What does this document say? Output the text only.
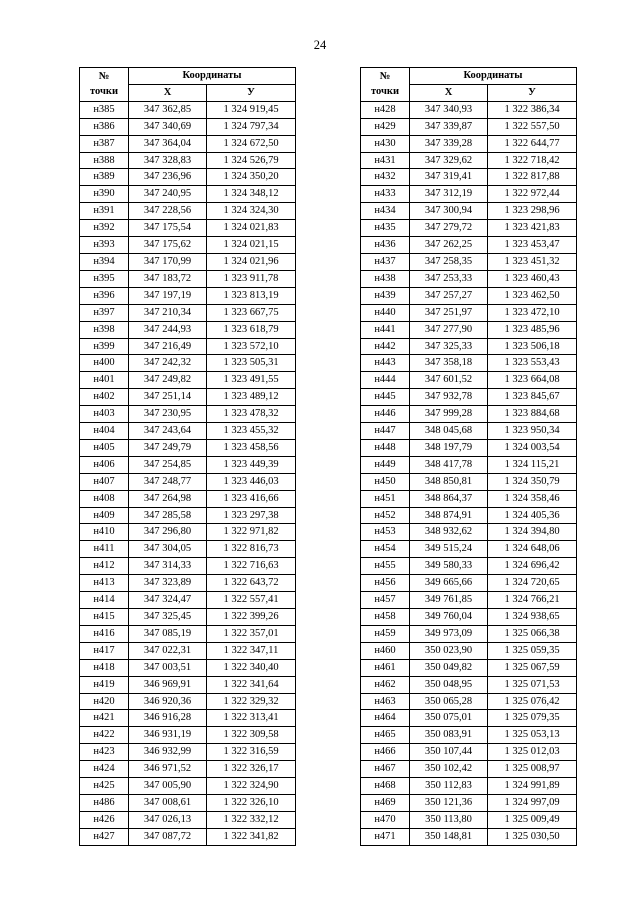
24
№
точки	Координаты	
	Х	У
н385	347 362,85	1 324 919,45
н386	347 340,69	1 324 797,34
н387	347 364,04	1 324 672,50
н388	347 328,83	1 324 526,79
н389	347 236,96	1 324 350,20
н390	347 240,95	1 324 348,12
н391	347 228,56	1 324 324,30
н392	347 175,54	1 324 021,83
н393	347 175,62	1 324 021,15
н394	347 170,99	1 324 021,96
н395	347 183,72	1 323 911,78
н396	347 197,19	1 323 813,19
н397	347 210,34	1 323 667,75
н398	347 244,93	1 323 618,79
н399	347 216,49	1 323 572,10
н400	347 242,32	1 323 505,31
н401	347 249,82	1 323 491,55
н402	347 251,14	1 323 489,12
н403	347 230,95	1 323 478,32
н404	347 243,64	1 323 455,32
н405	347 249,79	1 323 458,56
н406	347 254,85	1 323 449,39
н407	347 248,77	1 323 446,03
н408	347 264,98	1 323 416,66
н409	347 285,58	1 323 297,38
н410	347 296,80	1 322 971,82
н411	347 304,05	1 322 816,73
н412	347 314,33	1 322 716,63
н413	347 323,89	1 322 643,72
н414	347 324,47	1 322 557,41
н415	347 325,45	1 322 399,26
н416	347 085,19	1 322 357,01
н417	347 022,31	1 322 347,11
н418	347 003,51	1 322 340,40
н419	346 969,91	1 322 341,64
н420	346 920,36	1 322 329,32
н421	346 916,28	1 322 313,41
н422	346 931,19	1 322 309,58
н423	346 932,99	1 322 316,59
н424	346 971,52	1 322 326,17
н425	347 005,90	1 322 324,90
н486	347 008,61	1 322 326,10
н426	347 026,13	1 322 332,12
н427	347 087,72	1 322 341,82
№
точки	Координаты	
	Х	У
н428	347 340,93	1 322 386,34
н429	347 339,87	1 322 557,50
н430	347 339,28	1 322 644,77
н431	347 329,62	1 322 718,42
н432	347 319,41	1 322 817,88
н433	347 312,19	1 322 972,44
н434	347 300,94	1 323 298,96
н435	347 279,72	1 323 421,83
н436	347 262,25	1 323 453,47
н437	347 258,35	1 323 451,32
н438	347 253,33	1 323 460,43
н439	347 257,27	1 323 462,50
н440	347 251,97	1 323 472,10
н441	347 277,90	1 323 485,96
н442	347 325,33	1 323 506,18
н443	347 358,18	1 323 553,43
н444	347 601,52	1 323 664,08
н445	347 932,78	1 323 845,67
н446	347 999,28	1 323 884,68
н447	348 045,68	1 323 950,34
н448	348 197,79	1 324 003,54
н449	348 417,78	1 324 115,21
н450	348 850,81	1 324 350,79
н451	348 864,37	1 324 358,46
н452	348 874,91	1 324 405,36
н453	348 932,62	1 324 394,80
н454	349 515,24	1 324 648,06
н455	349 580,33	1 324 696,42
н456	349 665,66	1 324 720,65
н457	349 761,85	1 324 766,21
н458	349 760,04	1 324 938,65
н459	349 973,09	1 325 066,38
н460	350 023,90	1 325 059,35
н461	350 049,82	1 325 067,59
н462	350 048,95	1 325 071,53
н463	350 065,28	1 325 076,42
н464	350 075,01	1 325 079,35
н465	350 083,91	1 325 053,13
н466	350 107,44	1 325 012,03
н467	350 102,42	1 325 008,97
н468	350 112,83	1 324 991,89
н469	350 121,36	1 324 997,09
н470	350 113,80	1 325 009,49
н471	350 148,81	1 325 030,50
